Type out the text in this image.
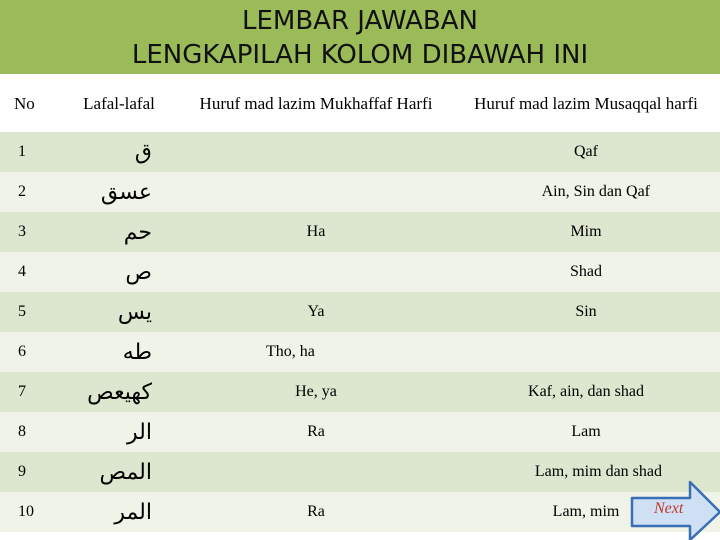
LEMBAR JAWABAN
LENGKAPILAH KOLOM DIBAWAH INI
No	Lafal-lafal	Huruf mad lazim Mukhaffaf Harfi	Huruf mad lazim Musaqqal harfi
1	ق		Qaf
2	عسق		Ain, Sin dan Qaf
3	حم	Ha	Mim
4	ص		Shad
5	يس	Ya	Sin
6	طه	Tho, ha	
7	كهيعص	He, ya	Kaf, ain, dan shad
8	الر	Ra	Lam
9	المص		Lam, mim dan shad
10	المر	Ra	Lam, mim Next
